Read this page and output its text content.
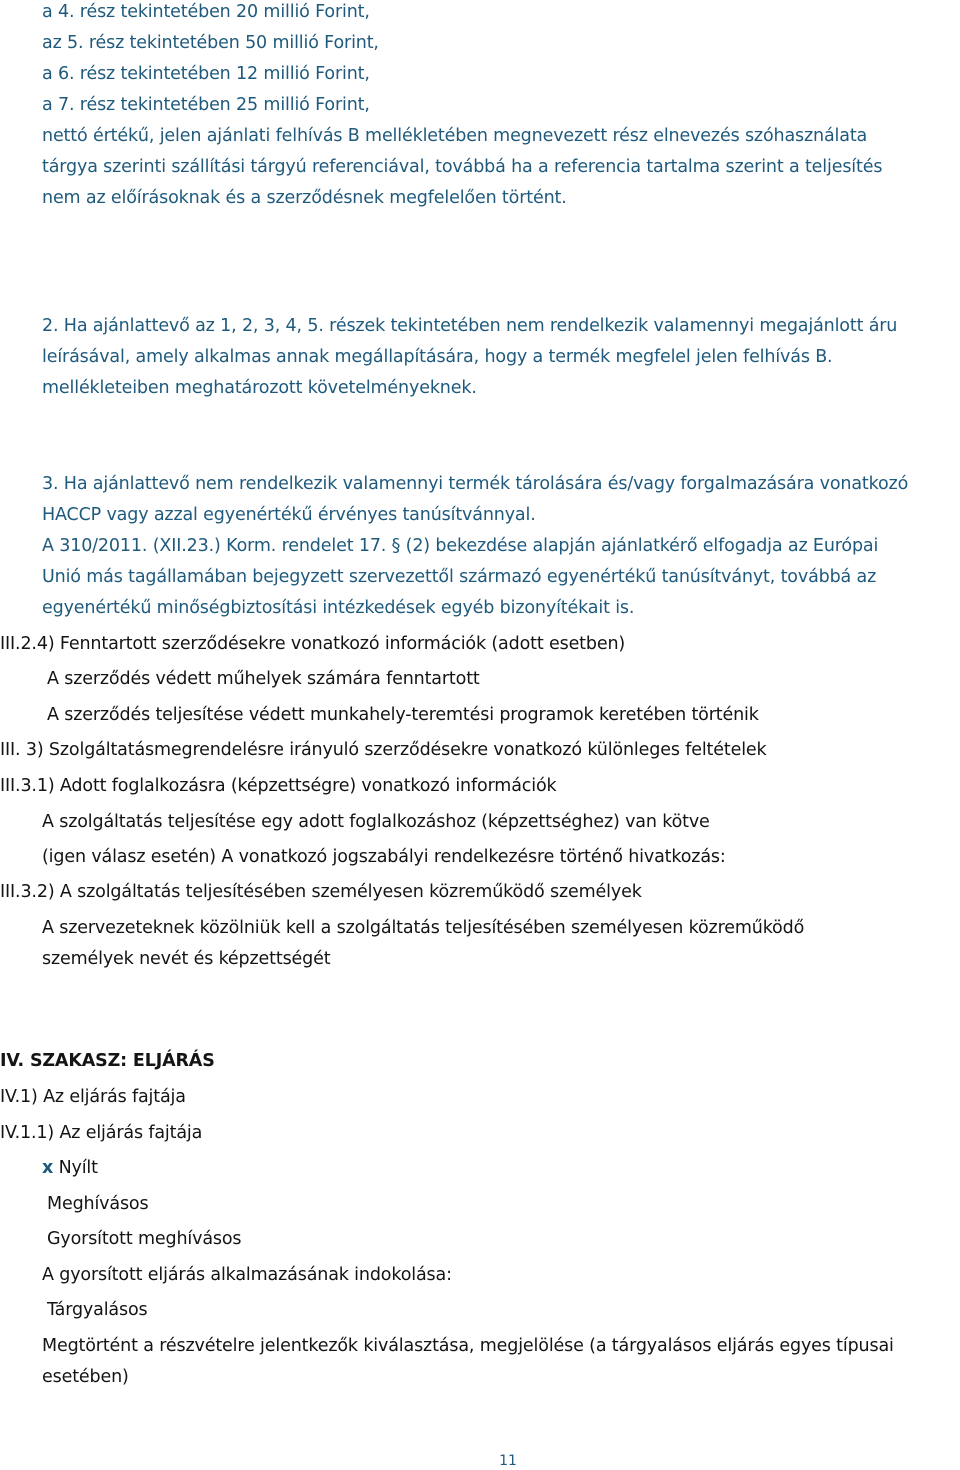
a 4. rész tekintetében 20 millió Forint,
az 5. rész tekintetében 50 millió Forint,
a 6. rész tekintetében 12 millió Forint,
a 7. rész tekintetében 25 millió Forint,
nettó értékű, jelen ajánlati felhívás B mellékletében megnevezett rész elnevezés szóhasználata
tárgya szerinti szállítási tárgyú referenciával, továbbá ha a referencia tartalma szerint a teljesítés
nem az előírásoknak és a szerződésnek megfelelően történt.
2. Ha ajánlattevő az 1, 2, 3, 4, 5. részek tekintetében nem rendelkezik valamennyi megajánlott áru
leírásával, amely alkalmas annak megállapítására, hogy a termék megfelel jelen felhívás B.
mellékleteiben meghatározott követelményeknek.
3. Ha ajánlattevő nem rendelkezik valamennyi termék tárolására és/vagy forgalmazására vonatkozó
HACCP vagy azzal egyenértékű érvényes tanúsítvánnyal.
A 310/2011. (XII.23.) Korm. rendelet 17. § (2) bekezdése alapján ajánlatkérő elfogadja az Európai
Unió más tagállamában bejegyzett szervezettől származó egyenértékű tanúsítványt, továbbá az
egyenértékű minőségbiztosítási intézkedések egyéb bizonyítékait is.
III.2.4) Fenntartott szerződésekre vonatkozó információk (adott esetben)
A szerződés védett műhelyek számára fenntartott
A szerződés teljesítése védett munkahely-teremtési programok keretében történik
III. 3) Szolgáltatásmegrendelésre irányuló szerződésekre vonatkozó különleges feltételek
III.3.1) Adott foglalkozásra (képzettségre) vonatkozó információk
A szolgáltatás teljesítése egy adott foglalkozáshoz (képzettséghez) van kötve
(igen válasz esetén) A vonatkozó jogszabályi rendelkezésre történő hivatkozás:
III.3.2) A szolgáltatás teljesítésében személyesen közreműködő személyek
A szervezeteknek közölniük kell a szolgáltatás teljesítésében személyesen közreműködő
személyek nevét és képzettségét
IV. SZAKASZ: ELJÁRÁS
IV.1) Az eljárás fajtája
IV.1.1) Az eljárás fajtája
x Nyílt
Meghívásos
Gyorsított meghívásos
A gyorsított eljárás alkalmazásának indokolása:
Tárgyalásos
Megtörtént a részvételre jelentkezők kiválasztása, megjelölése (a tárgyalásos eljárás egyes típusai
esetében)
11
